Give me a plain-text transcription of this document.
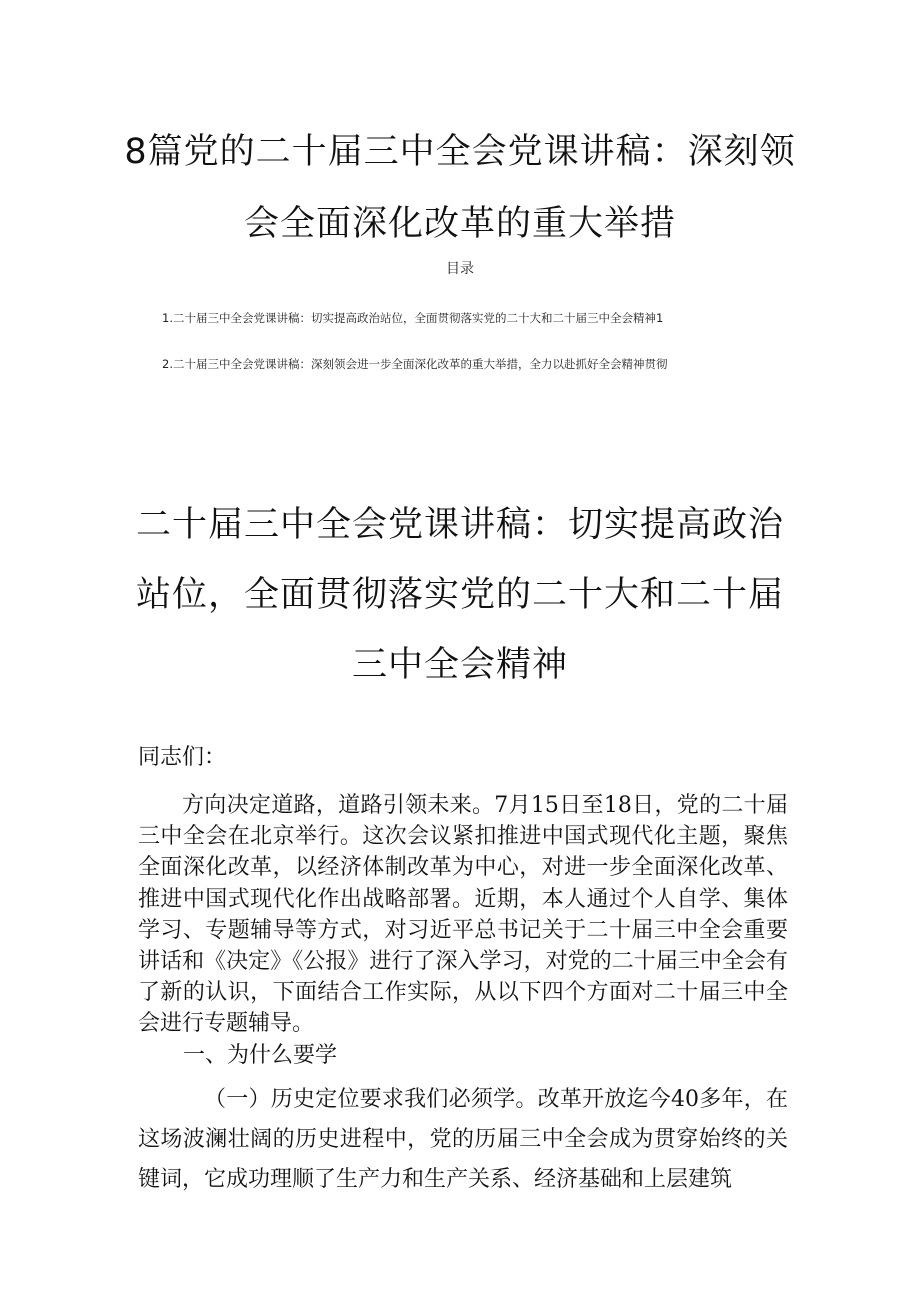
8篇党的二十届三中全会党课讲稿：深刻领
会全面深化改革的重大举措
目录
1.二十届三中全会党课讲稿：切实提高政治站位，全面贯彻落实党的二十大和二十届三中全会精神1
2.二十届三中全会党课讲稿：深刻领会进一步全面深化改革的重大举措，全力以赴抓好全会精神贯彻
二十届三中全会党课讲稿：切实提高政治
站位，全面贯彻落实党的二十大和二十届
三中全会精神

同志们：

方向决定道路，道路引领未来。7月15日至18日，党的二十届三中全会在北京举行。这次会议紧扣推进中国式现代化主题，聚焦全面深化改革，以经济体制改革为中心，对进一步全面深化改革、推进中国式现代化作出战略部署。近期，本人通过个人自学、集体学习、专题辅导等方式，对习近平总书记关于二十届三中全会重要讲话和《决定》《公报》进行了深入学习，对党的二十届三中全会有了新的认识，下面结合工作实际，从以下四个方面对二十届三中全会进行专题辅导。

一、为什么要学

（一）历史定位要求我们必须学。改革开放迄今40多年，在这场波澜壮阔的历史进程中，党的历届三中全会成为贯穿始终的关键词，它成功理顺了生产力和生产关系、经济基础和上层建筑
